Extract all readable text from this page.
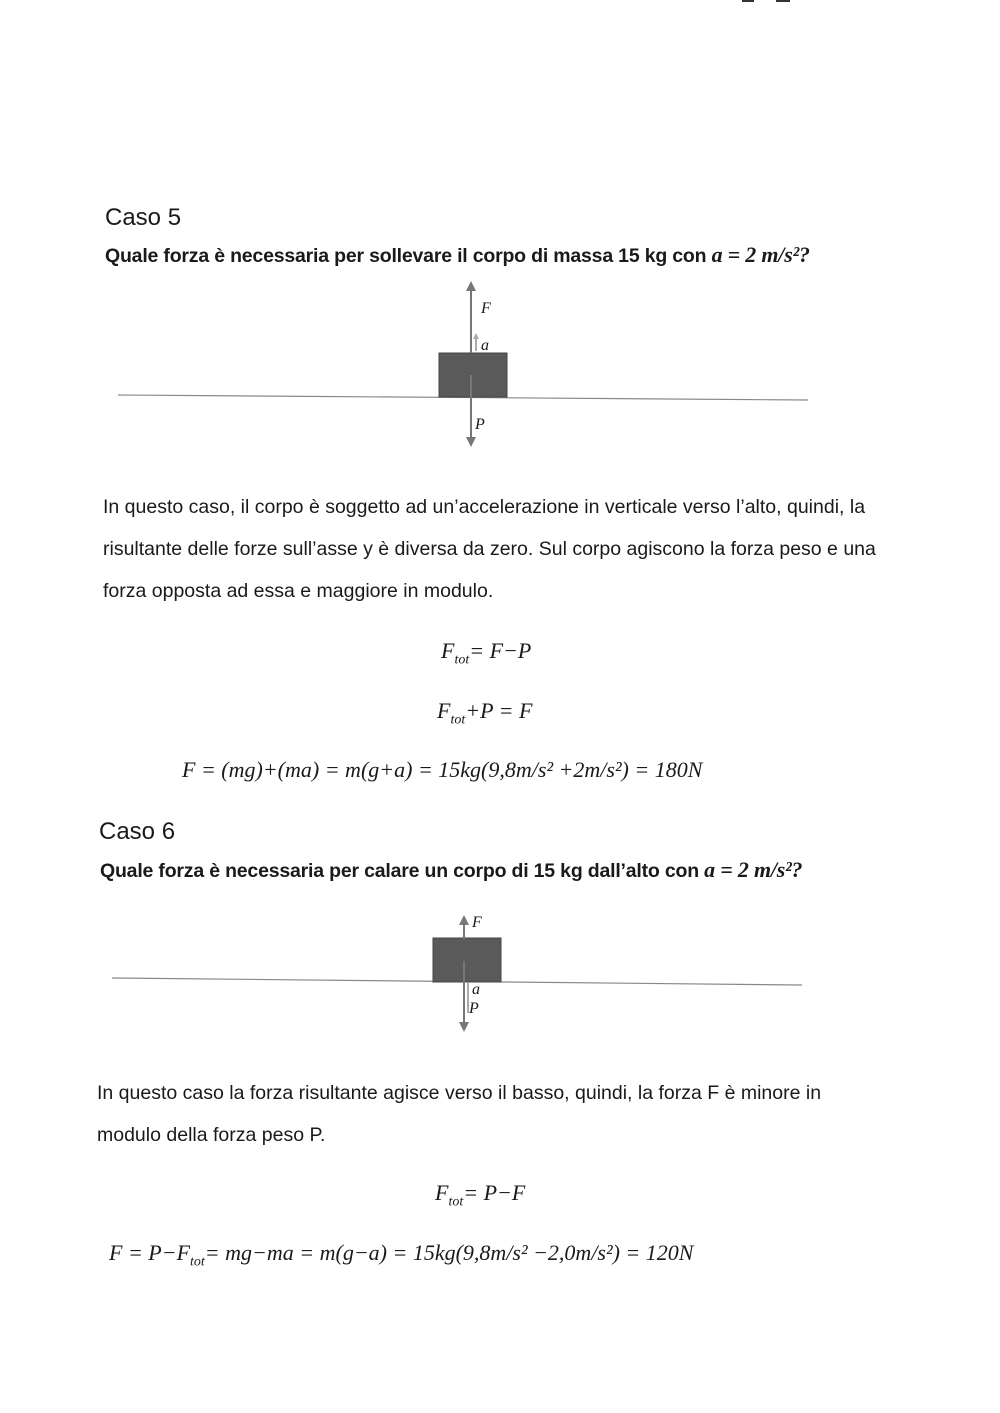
Caso 5
Quale forza è necessaria per sollevare il corpo di massa 15 kg con a = 2 m/s²?
F
a
P⃗
In questo caso, il corpo è soggetto ad un’accelerazione in verticale verso l’alto, quindi, la risultante delle forze sull’asse y è diversa da zero. Sul corpo agiscono la forza peso e una forza opposta ad essa e maggiore in modulo.
$F_{tot}= F-P$
$F_{tot}+P = F$
F = (mg)+(ma) = m(g+a) = 15kg(9,8m/s² +2m/s²) = 180N
Caso 6
Quale forza è necessaria per calare un corpo di 15 kg dall’alto con a = 2 m/s²?
F
a
P⃗
In questo caso la forza risultante agisce verso il basso, quindi, la forza F è minore in modulo della forza peso P.
$F_{tot}= P-F$
$F = P-F_{tot}= mg-ma = m(g-a) = 15kg(9,8m/s^2 -2,0m/s^2) = 120N$
